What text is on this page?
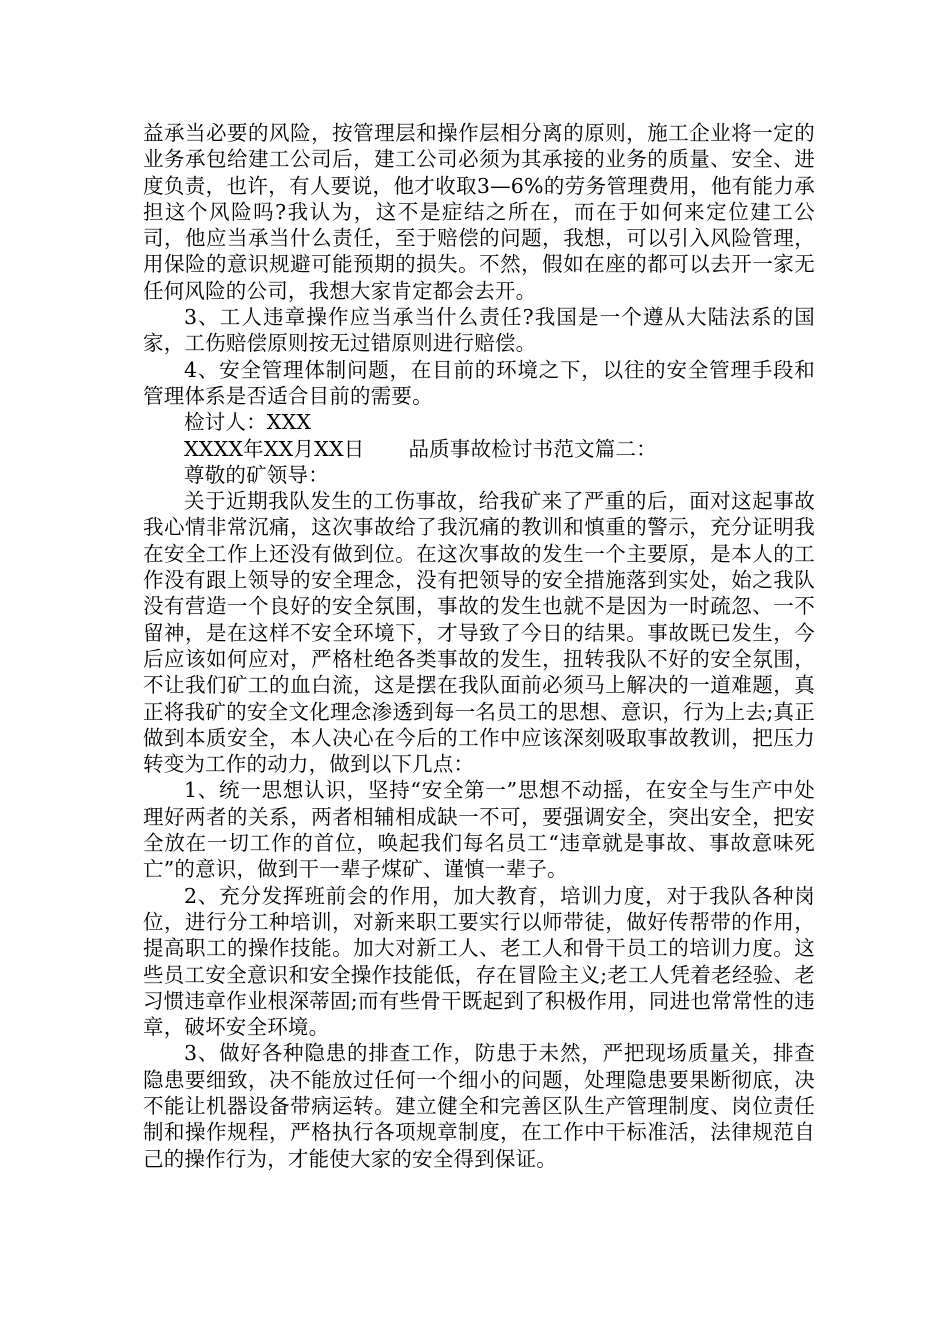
益承当必要的风险，按管理层和操作层相分离的原则，施工企业将一定的业务承包给建工公司后，建工公司必须为其承接的业务的质量、安全、进度负责，也许，有人要说，他才收取3—6%的劳务管理费用，他有能力承担这个风险吗?我认为，这不是症结之所在，而在于如何来定位建工公司，他应当承当什么责任，至于赔偿的问题，我想，可以引入风险管理，用保险的意识规避可能预期的损失。不然，假如在座的都可以去开一家无任何风险的公司，我想大家肯定都会去开。

3、工人违章操作应当承当什么责任?我国是一个遵从大陆法系的国家，工伤赔偿原则按无过错原则进行赔偿。

4、安全管理体制问题，在目前的环境之下，以往的安全管理手段和管理体系是否适合目前的需要。

检讨人：XXX

XXXX年XX月XX日 品质事故检讨书范文篇二：

尊敬的矿领导：

关于近期我队发生的工伤事故，给我矿来了严重的后，面对这起事故我心情非常沉痛，这次事故给了我沉痛的教训和慎重的警示，充分证明我在安全工作上还没有做到位。在这次事故的发生一个主要原，是本人的工作没有跟上领导的安全理念，没有把领导的安全措施落到实处，始之我队没有营造一个良好的安全氛围，事故的发生也就不是因为一时疏忽、一不留神，是在这样不安全环境下，才导致了今日的结果。事故既已发生，今后应该如何应对，严格杜绝各类事故的发生，扭转我队不好的安全氛围，不让我们矿工的血白流，这是摆在我队面前必须马上解决的一道难题，真正将我矿的安全文化理念渗透到每一名员工的思想、意识，行为上去;真正做到本质安全，本人决心在今后的工作中应该深刻吸取事故教训，把压力转变为工作的动力，做到以下几点：

1、统一思想认识，坚持“安全第一”思想不动摇，在安全与生产中处理好两者的关系，两者相辅相成缺一不可，要强调安全，突出安全，把安全放在一切工作的首位，唤起我们每名员工“违章就是事故、事故意味死亡”的意识，做到干一辈子煤矿、谨慎一辈子。

2、充分发挥班前会的作用，加大教育，培训力度，对于我队各种岗位，进行分工种培训，对新来职工要实行以师带徒，做好传帮带的作用，提高职工的操作技能。加大对新工人、老工人和骨干员工的培训力度。这些员工安全意识和安全操作技能低，存在冒险主义;老工人凭着老经验、老习惯违章作业根深蒂固;而有些骨干既起到了积极作用，同进也常常性的违章，破坏安全环境。

3、做好各种隐患的排查工作，防患于未然，严把现场质量关，排查隐患要细致，决不能放过任何一个细小的问题，处理隐患要果断彻底，决不能让机器设备带病运转。建立健全和完善区队生产管理制度、岗位责任制和操作规程，严格执行各项规章制度，在工作中干标准活，法律规范自己的操作行为，才能使大家的安全得到保证。
